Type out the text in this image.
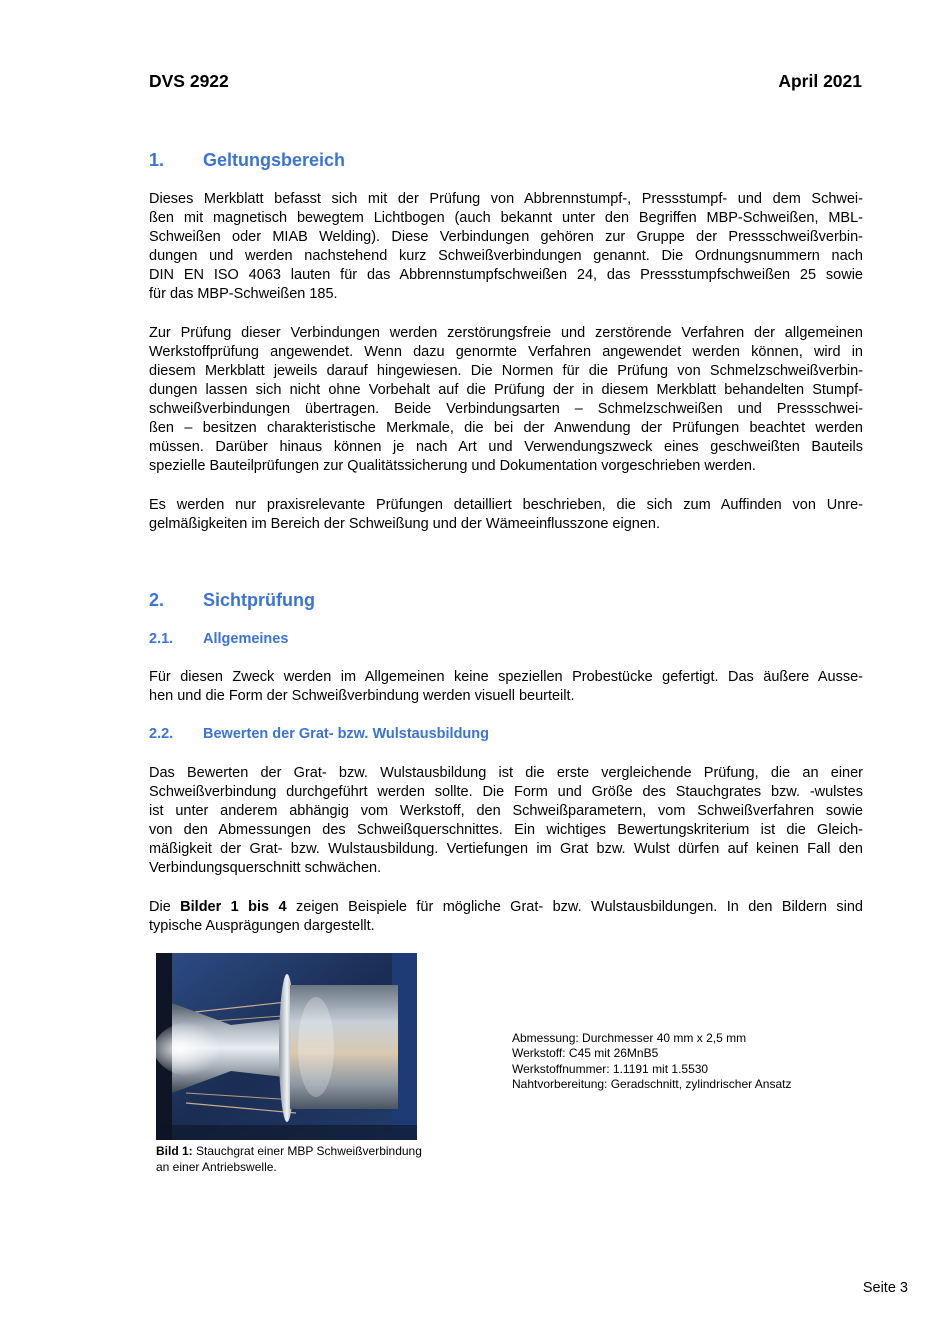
DVS 2922	April 2021
1. Geltungsbereich

Dieses Merkblatt befasst sich mit der Prüfung von Abbrennstumpf-, Pressstumpf- und dem Schwei-
ßen mit magnetisch bewegtem Lichtbogen (auch bekannt unter den Begriffen MBP-Schweißen, MBL-
Schweißen oder MIAB Welding). Diese Verbindungen gehören zur Gruppe der Pressschweißverbin-
dungen und werden nachstehend kurz Schweißverbindungen genannt. Die Ordnungsnummern nach
DIN EN ISO 4063 lauten für das Abbrennstumpfschweißen 24, das Pressstumpfschweißen 25 sowie
für das MBP-Schweißen 185.

Zur Prüfung dieser Verbindungen werden zerstörungsfreie und zerstörende Verfahren der allgemeinen
Werkstoffprüfung angewendet. Wenn dazu genormte Verfahren angewendet werden können, wird in
diesem Merkblatt jeweils darauf hingewiesen. Die Normen für die Prüfung von Schmelzschweißverbin-
dungen lassen sich nicht ohne Vorbehalt auf die Prüfung der in diesem Merkblatt behandelten Stumpf-
schweißverbindungen übertragen. Beide Verbindungsarten – Schmelzschweißen und Pressschwei-
ßen – besitzen charakteristische Merkmale, die bei der Anwendung der Prüfungen beachtet werden
müssen. Darüber hinaus können je nach Art und Verwendungszweck eines geschweißten Bauteils
spezielle Bauteilprüfungen zur Qualitätssicherung und Dokumentation vorgeschrieben werden.

Es werden nur praxisrelevante Prüfungen detailliert beschrieben, die sich zum Auffinden von Unre-
gelmäßigkeiten im Bereich der Schweißung und der Wämeeinflusszone eignen.

2. Sichtprüfung
2.1. Allgemeines

Für diesen Zweck werden im Allgemeinen keine speziellen Probestücke gefertigt. Das äußere Ausse-
hen und die Form der Schweißverbindung werden visuell beurteilt.

2.2. Bewerten der Grat- bzw. Wulstausbildung

Das Bewerten der Grat- bzw. Wulstausbildung ist die erste vergleichende Prüfung, die an einer
Schweißverbindung durchgeführt werden sollte. Die Form und Größe des Stauchgrates bzw. -wulstes
ist unter anderem abhängig vom Werkstoff, den Schweißparametern, vom Schweißverfahren sowie
von den Abmessungen des Schweißquerschnittes. Ein wichtiges Bewertungskriterium ist die Gleich-
mäßigkeit der Grat- bzw. Wulstausbildung. Vertiefungen im Grat bzw. Wulst dürfen auf keinen Fall den
Verbindungsquerschnitt schwächen.

Die Bilder 1 bis 4 zeigen Beispiele für mögliche Grat- bzw. Wulstausbildungen. In den Bildern sind
typische Ausprägungen dargestellt.

Bild 1: Stauchgrat einer MBP Schweißverbindung
an einer Antriebswelle.
Abmessung: Durchmesser 40 mm x 2,5 mm
Werkstoff: C45 mit 26MnB5
Werkstoffnummer: 1.1191 mit 1.5530
Nahtvorbereitung: Geradschnitt, zylindrischer Ansatz
Seite 3
